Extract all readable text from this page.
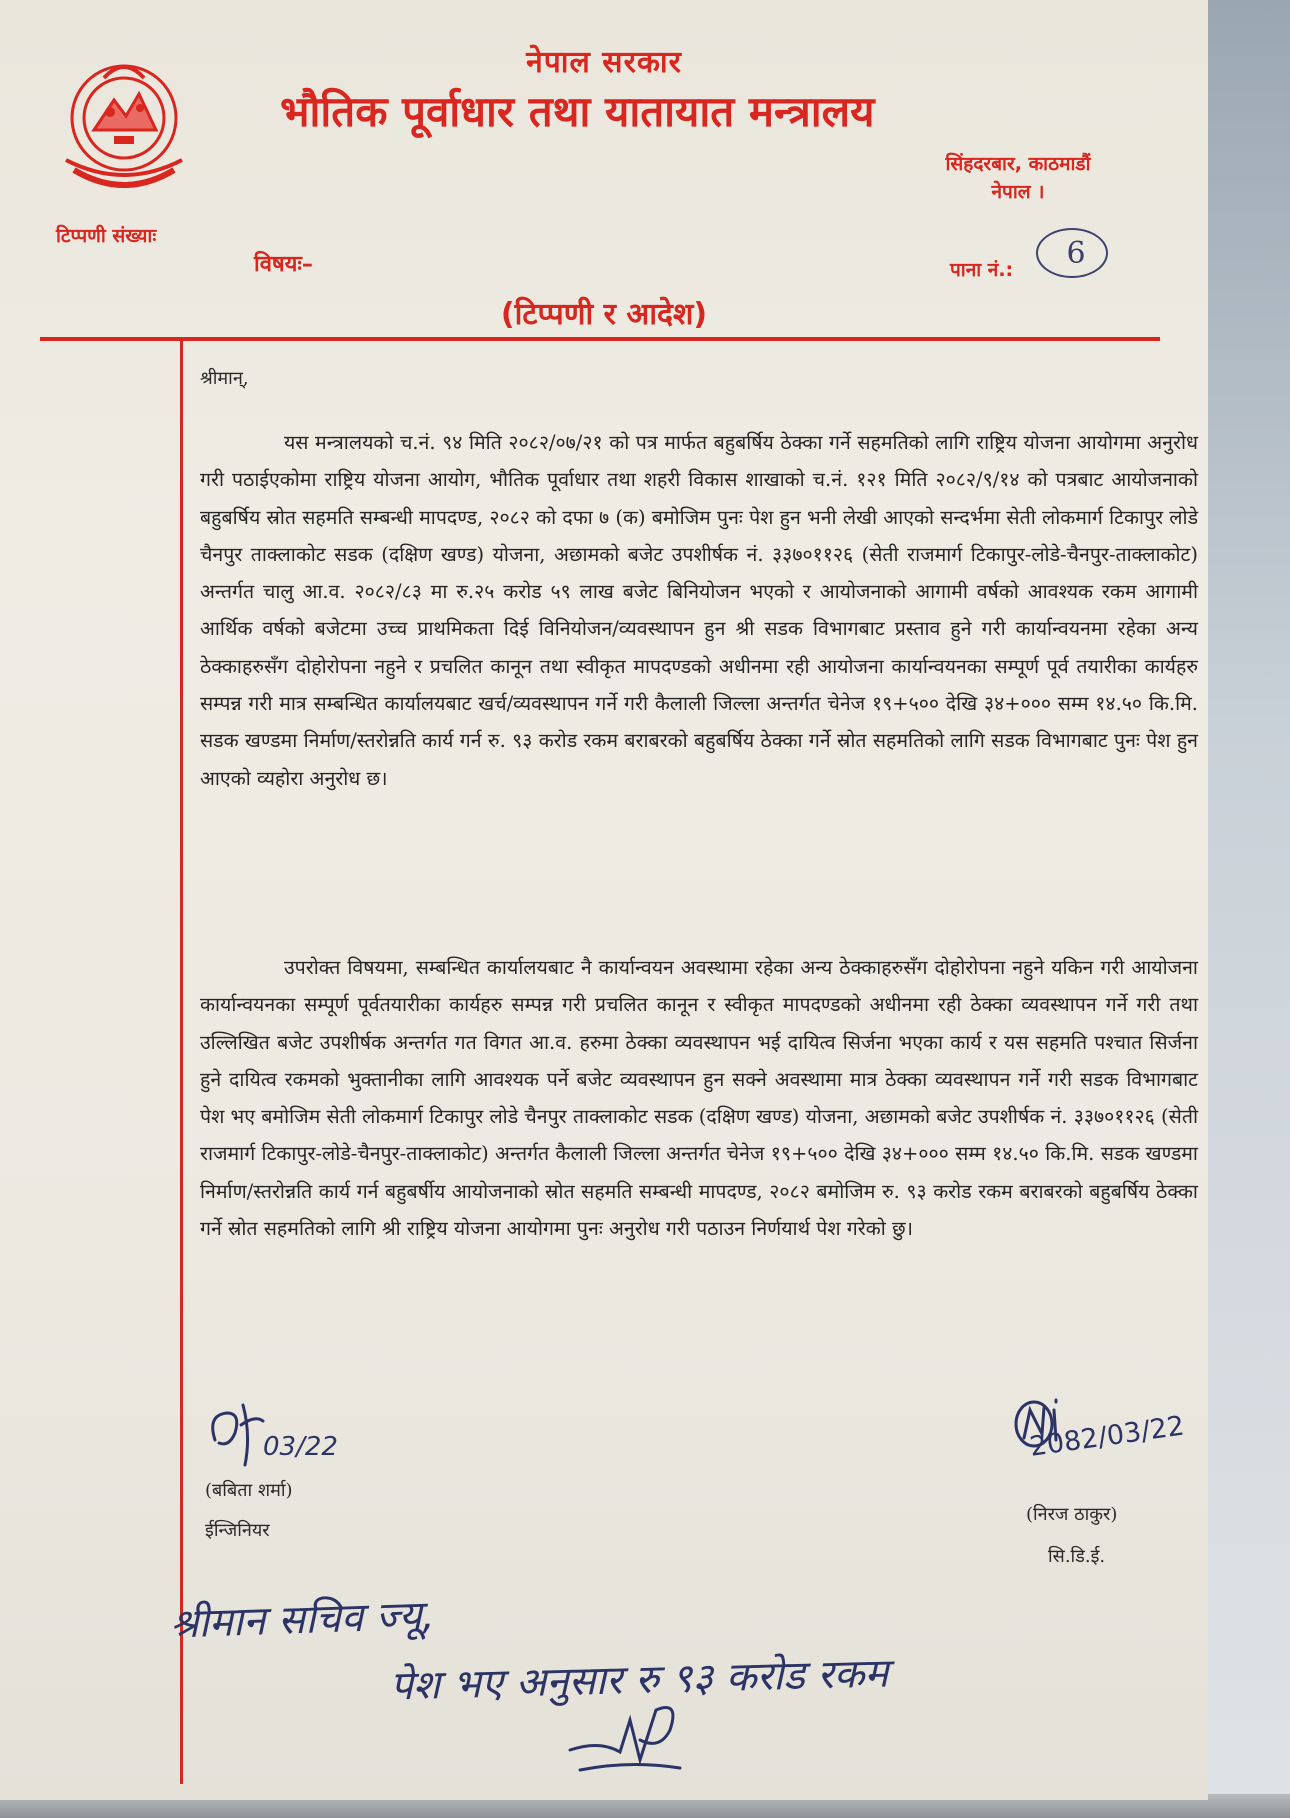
नेपाल सरकार
भौतिक पूर्वाधार तथा यातायात मन्त्रालय
सिंहदरबार, काठमाडौं
नेपाल ।
टिप्पणी संख्याः
विषयः–	पाना नं.:	6
(टिप्पणी र आदेश)
श्रीमान्,

यस मन्त्रालयको च.नं. ९४ मिति २०८२/०७/२१ को पत्र मार्फत बहुबर्षिय ठेक्का गर्ने सहमतिको लागि राष्ट्रिय योजना आयोगमा अनुरोध गरी पठाईएकोमा राष्ट्रिय योजना आयोग, भौतिक पूर्वाधार तथा शहरी विकास शाखाको च.नं. १२१ मिति २०८२/९/१४ को पत्रबाट आयोजनाको बहुबर्षिय स्रोत सहमति सम्बन्धी मापदण्ड, २०८२ को दफा ७ (क) बमोजिम पुनः पेश हुन भनी लेखी आएको सन्दर्भमा सेती लोकमार्ग टिकापुर लोडे चैनपुर ताक्लाकोट सडक (दक्षिण खण्ड) योजना, अछामको बजेट उपशीर्षक नं. ३३७०११२६ (सेती राजमार्ग टिकापुर-लोडे-चैनपुर-ताक्लाकोट) अन्तर्गत चालु आ.व. २०८२/८३ मा रु.२५ करोड ५९ लाख बजेट बिनियोजन भएको र आयोजनाको आगामी वर्षको आवश्यक रकम आगामी आर्थिक वर्षको बजेटमा उच्च प्राथमिकता दिई विनियोजन/व्यवस्थापन हुन श्री सडक विभागबाट प्रस्ताव हुने गरी कार्यान्वयनमा रहेका अन्य ठेक्काहरुसँग दोहोरोपना नहुने र प्रचलित कानून तथा स्वीकृत मापदण्डको अधीनमा रही आयोजना कार्यान्वयनका सम्पूर्ण पूर्व तयारीका कार्यहरु सम्पन्न गरी मात्र सम्बन्धित कार्यालयबाट खर्च/व्यवस्थापन गर्ने गरी कैलाली जिल्ला अन्तर्गत चेनेज १९+५०० देखि ३४+००० सम्म १४.५० कि.मि. सडक खण्डमा निर्माण/स्तरोन्नति कार्य गर्न रु. ९३ करोड रकम बराबरको बहुबर्षिय ठेक्का गर्ने स्रोत सहमतिको लागि सडक विभागबाट पुनः पेश हुन आएको व्यहोरा अनुरोध छ।

उपरोक्त विषयमा, सम्बन्धित कार्यालयबाट नै कार्यान्वयन अवस्थामा रहेका अन्य ठेक्काहरुसँग दोहोरोपना नहुने यकिन गरी आयोजना कार्यान्वयनका सम्पूर्ण पूर्वतयारीका कार्यहरु सम्पन्न गरी प्रचलित कानून र स्वीकृत मापदण्डको अधीनमा रही ठेक्का व्यवस्थापन गर्ने गरी तथा उल्लिखित बजेट उपशीर्षक अन्तर्गत गत विगत आ.व. हरुमा ठेक्का व्यवस्थापन भई दायित्व सिर्जना भएका कार्य र यस सहमति पश्चात सिर्जना हुने दायित्व रकमको भुक्तानीका लागि आवश्यक पर्ने बजेट व्यवस्थापन हुन सक्ने अवस्थामा मात्र ठेक्का व्यवस्थापन गर्ने गरी सडक विभागबाट पेश भए बमोजिम सेती लोकमार्ग टिकापुर लोडे चैनपुर ताक्लाकोट सडक (दक्षिण खण्ड) योजना, अछामको बजेट उपशीर्षक नं. ३३७०११२६ (सेती राजमार्ग टिकापुर-लोडे-चैनपुर-ताक्लाकोट) अन्तर्गत कैलाली जिल्ला अन्तर्गत चेनेज १९+५०० देखि ३४+००० सम्म १४.५० कि.मि. सडक खण्डमा निर्माण/स्तरोन्नति कार्य गर्न बहुबर्षीय आयोजनाको स्रोत सहमति सम्बन्धी मापदण्ड, २०८२ बमोजिम रु. ९३ करोड रकम बराबरको बहुबर्षिय ठेक्का गर्ने स्रोत सहमतिको लागि श्री राष्ट्रिय योजना आयोगमा पुनः अनुरोध गरी पठाउन निर्णयार्थ पेश गरेको छु।

03/22
(बबिता शर्मा)
ईन्जिनियर
2082/03/22
(निरज ठाकुर)
सि.डि.ई.
श्रीमान सचिव ज्यू,
पेश भए अनुसार रु ९३ करोड रकम
